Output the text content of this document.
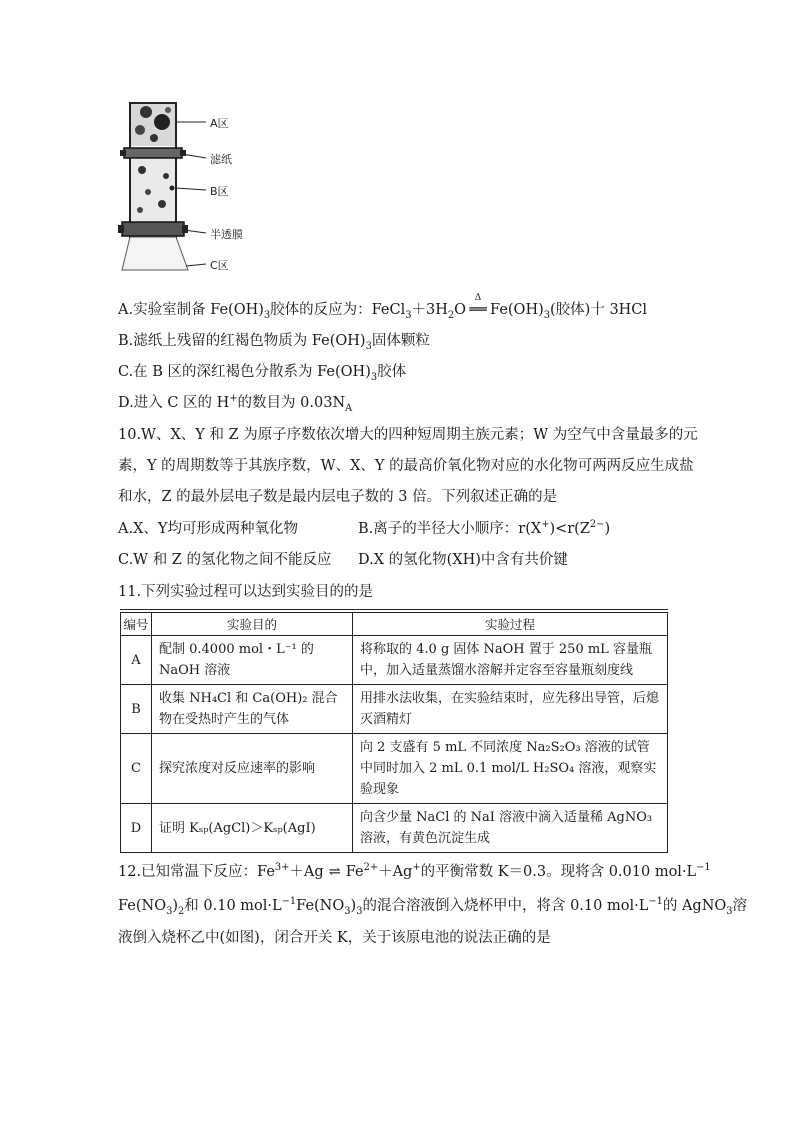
A区
滤纸
B区
半透膜
C区
A.实验室制备 $Fe(OH)_3$胶体的反应为：$FeCl_3+3H_2O$
Δ
══ $Fe(OH)_3$(胶体)十 3HCl
B.滤纸上残留的红褐色物质为 $Fe(OH)_3$固体颗粒
C.在 B 区的深红褐色分散系为 $Fe(OH)_3$胶体
D.进入 C 区的 H+的数目为 $0.03N_A$
10.W、X、Y 和 Z 为原子序数依次增大的四种短周期主族元素；W 为空气中含量最多的元
素，Y 的周期数等于其族序数，W、X、Y 的最高价氧化物对应的水化物可两两反应生成盐
和水，Z 的最外层电子数是最内层电子数的 3 倍。下列叙述正确的是
A.X、Y均可形成两种氧化物	B.离子的半径大小顺序：$r(X^+)<r(Z^{2-})$
C.W 和 Z 的氢化物之间不能反应 D.X 的氢化物(XH)中含有共价键
11.下列实验过程可以达到实验目的的是
编号	实验目的	实验过程
A	配制 0.4000 mol・L⁻¹ 的 NaOH 溶液	将称取的 4.0 g 固体 NaOH 置于 250 mL 容量瓶中，加入适量蒸馏水溶解并定容至容量瓶刻度线
B	收集 NH₄Cl 和 Ca(OH)₂ 混合物在受热时产生的气体	用排水法收集，在实验结束时，应先移出导管，后熄灭酒精灯
C	探究浓度对反应速率的影响	向 2 支盛有 5 mL 不同浓度 Na₂S₂O₃ 溶液的试管中同时加入 2 mL 0.1 mol/L H₂SO₄ 溶液，观察实验现象
D	证明 Kₛₚ(AgCl)＞Kₛₚ(AgI)	向含少量 NaCl 的 NaI 溶液中滴入适量稀 AgNO₃ 溶液，有黄色沉淀生成
12.已知常温下反应：$Fe^{3+}+Ag$ ⇌ $Fe^{2+}+Ag^+$的平衡常数 K＝0.3。现将含 0.010 $mol\cdot L^{-1}$
$Fe(NO_3)_2$和 0.10 $mol\cdot L^{-1}Fe(NO_3)_3$的混合溶液倒入烧杯甲中，将含 0.10 $mol\cdot L^{-1}$的 AgNO$_3$溶
液倒入烧杯乙中(如图)，闭合开关 K，关于该原电池的说法正确的是
